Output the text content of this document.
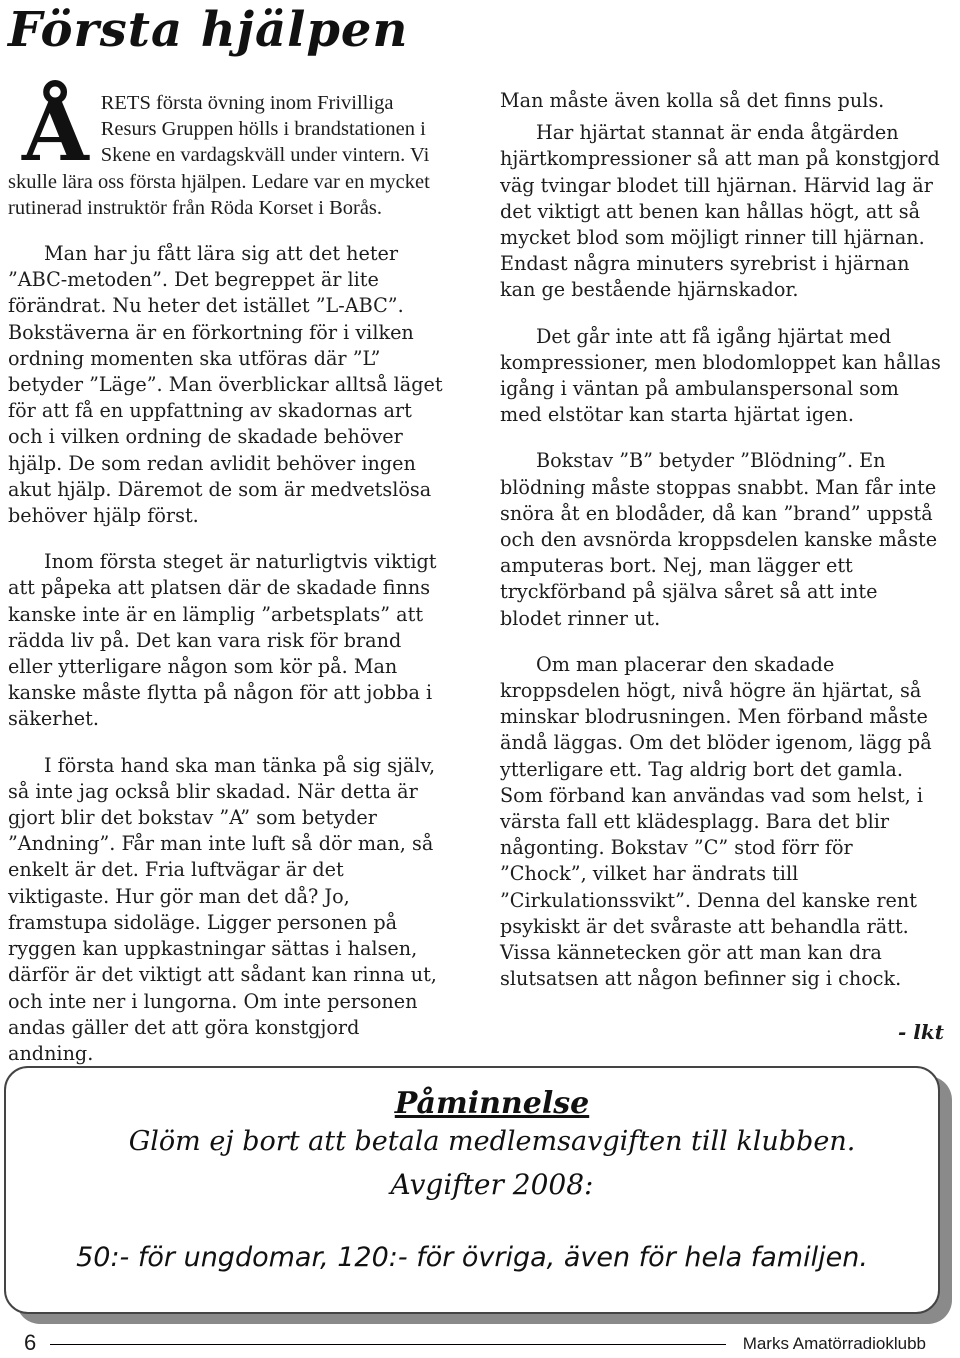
Första hjälpen

ÅRETS första övning inom Frivilliga Resurs Gruppen hölls i brandstationen i Skene en vardagskväll under vintern. Vi skulle lära oss första hjälpen. Ledare var en mycket rutinerad instruktör från Röda Korset i Borås.

Man har ju fått lära sig att det heter ”ABC-metoden”. Det begreppet är lite förändrat. Nu heter det istället ”L-ABC”. Bokstäverna är en förkortning för i vilken ordning momenten ska utföras där ”L” betyder ”Läge”. Man överblickar alltså läget för att få en uppfattning av skadornas art och i vilken ordning de skadade behöver hjälp. De som redan avlidit behöver ingen akut hjälp. Däremot de som är medvetslösa behöver hjälp först.

Inom första steget är naturligtvis viktigt att påpeka att platsen där de skadade finns kanske inte är en lämplig ”arbetsplats” att rädda liv på. Det kan vara risk för brand eller ytterligare någon som kör på. Man kanske måste flytta på någon för att jobba i säkerhet.

I första hand ska man tänka på sig själv, så inte jag också blir skadad. När detta är gjort blir det bokstav ”A” som betyder ”Andning”. Får man inte luft så dör man, så enkelt är det. Fria luftvägar är det viktigaste. Hur gör man det då? Jo, framstupa sidoläge. Ligger personen på ryggen kan uppkastningar sättas i halsen, därför är det viktigt att sådant kan rinna ut, och inte ner i lungorna. Om inte personen andas gäller det att göra konstgjord andning.

Man måste även kolla så det finns puls.

Har hjärtat stannat är enda åtgärden hjärtkompressioner så att man på konstgjord väg tvingar blodet till hjärnan. Härvid lag är det viktigt att benen kan hållas högt, att så mycket blod som möjligt rinner till hjärnan. Endast några minuters syrebrist i hjärnan kan ge bestående hjärnskador.

Det går inte att få igång hjärtat med kompressioner, men blodomloppet kan hållas igång i väntan på ambulanspersonal som med elstötar kan starta hjärtat igen.

Bokstav ”B” betyder ”Blödning”. En blödning måste stoppas snabbt. Man får inte snöra åt en blodåder, då kan ”brand” uppstå och den avsnörda kroppsdelen kanske måste amputeras bort. Nej, man lägger ett tryckförband på själva såret så att inte blodet rinner ut.

Om man placerar den skadade kroppsdelen högt, nivå högre än hjärtat, så minskar blodrusningen. Men förband måste ändå läggas. Om det blöder igenom, lägg på ytterligare ett. Tag aldrig bort det gamla. Som förband kan användas vad som helst, i värsta fall ett klädesplagg. Bara det blir någonting. Bokstav ”C” stod förr för ”Chock”, vilket har ändrats till ”Cirkulationssvikt”. Denna del kanske rent psykiskt är det svåraste att behandla rätt. Vissa kännetecken gör att man kan dra slutsatsen att någon befinner sig i chock.

- lkt
Påminnelse
Glöm ej bort att betala medlemsavgiften till klubben.
Avgifter 2008:
50:- för ungdomar, 120:- för övriga, även för hela familjen.
6	Marks Amatörradioklubb
